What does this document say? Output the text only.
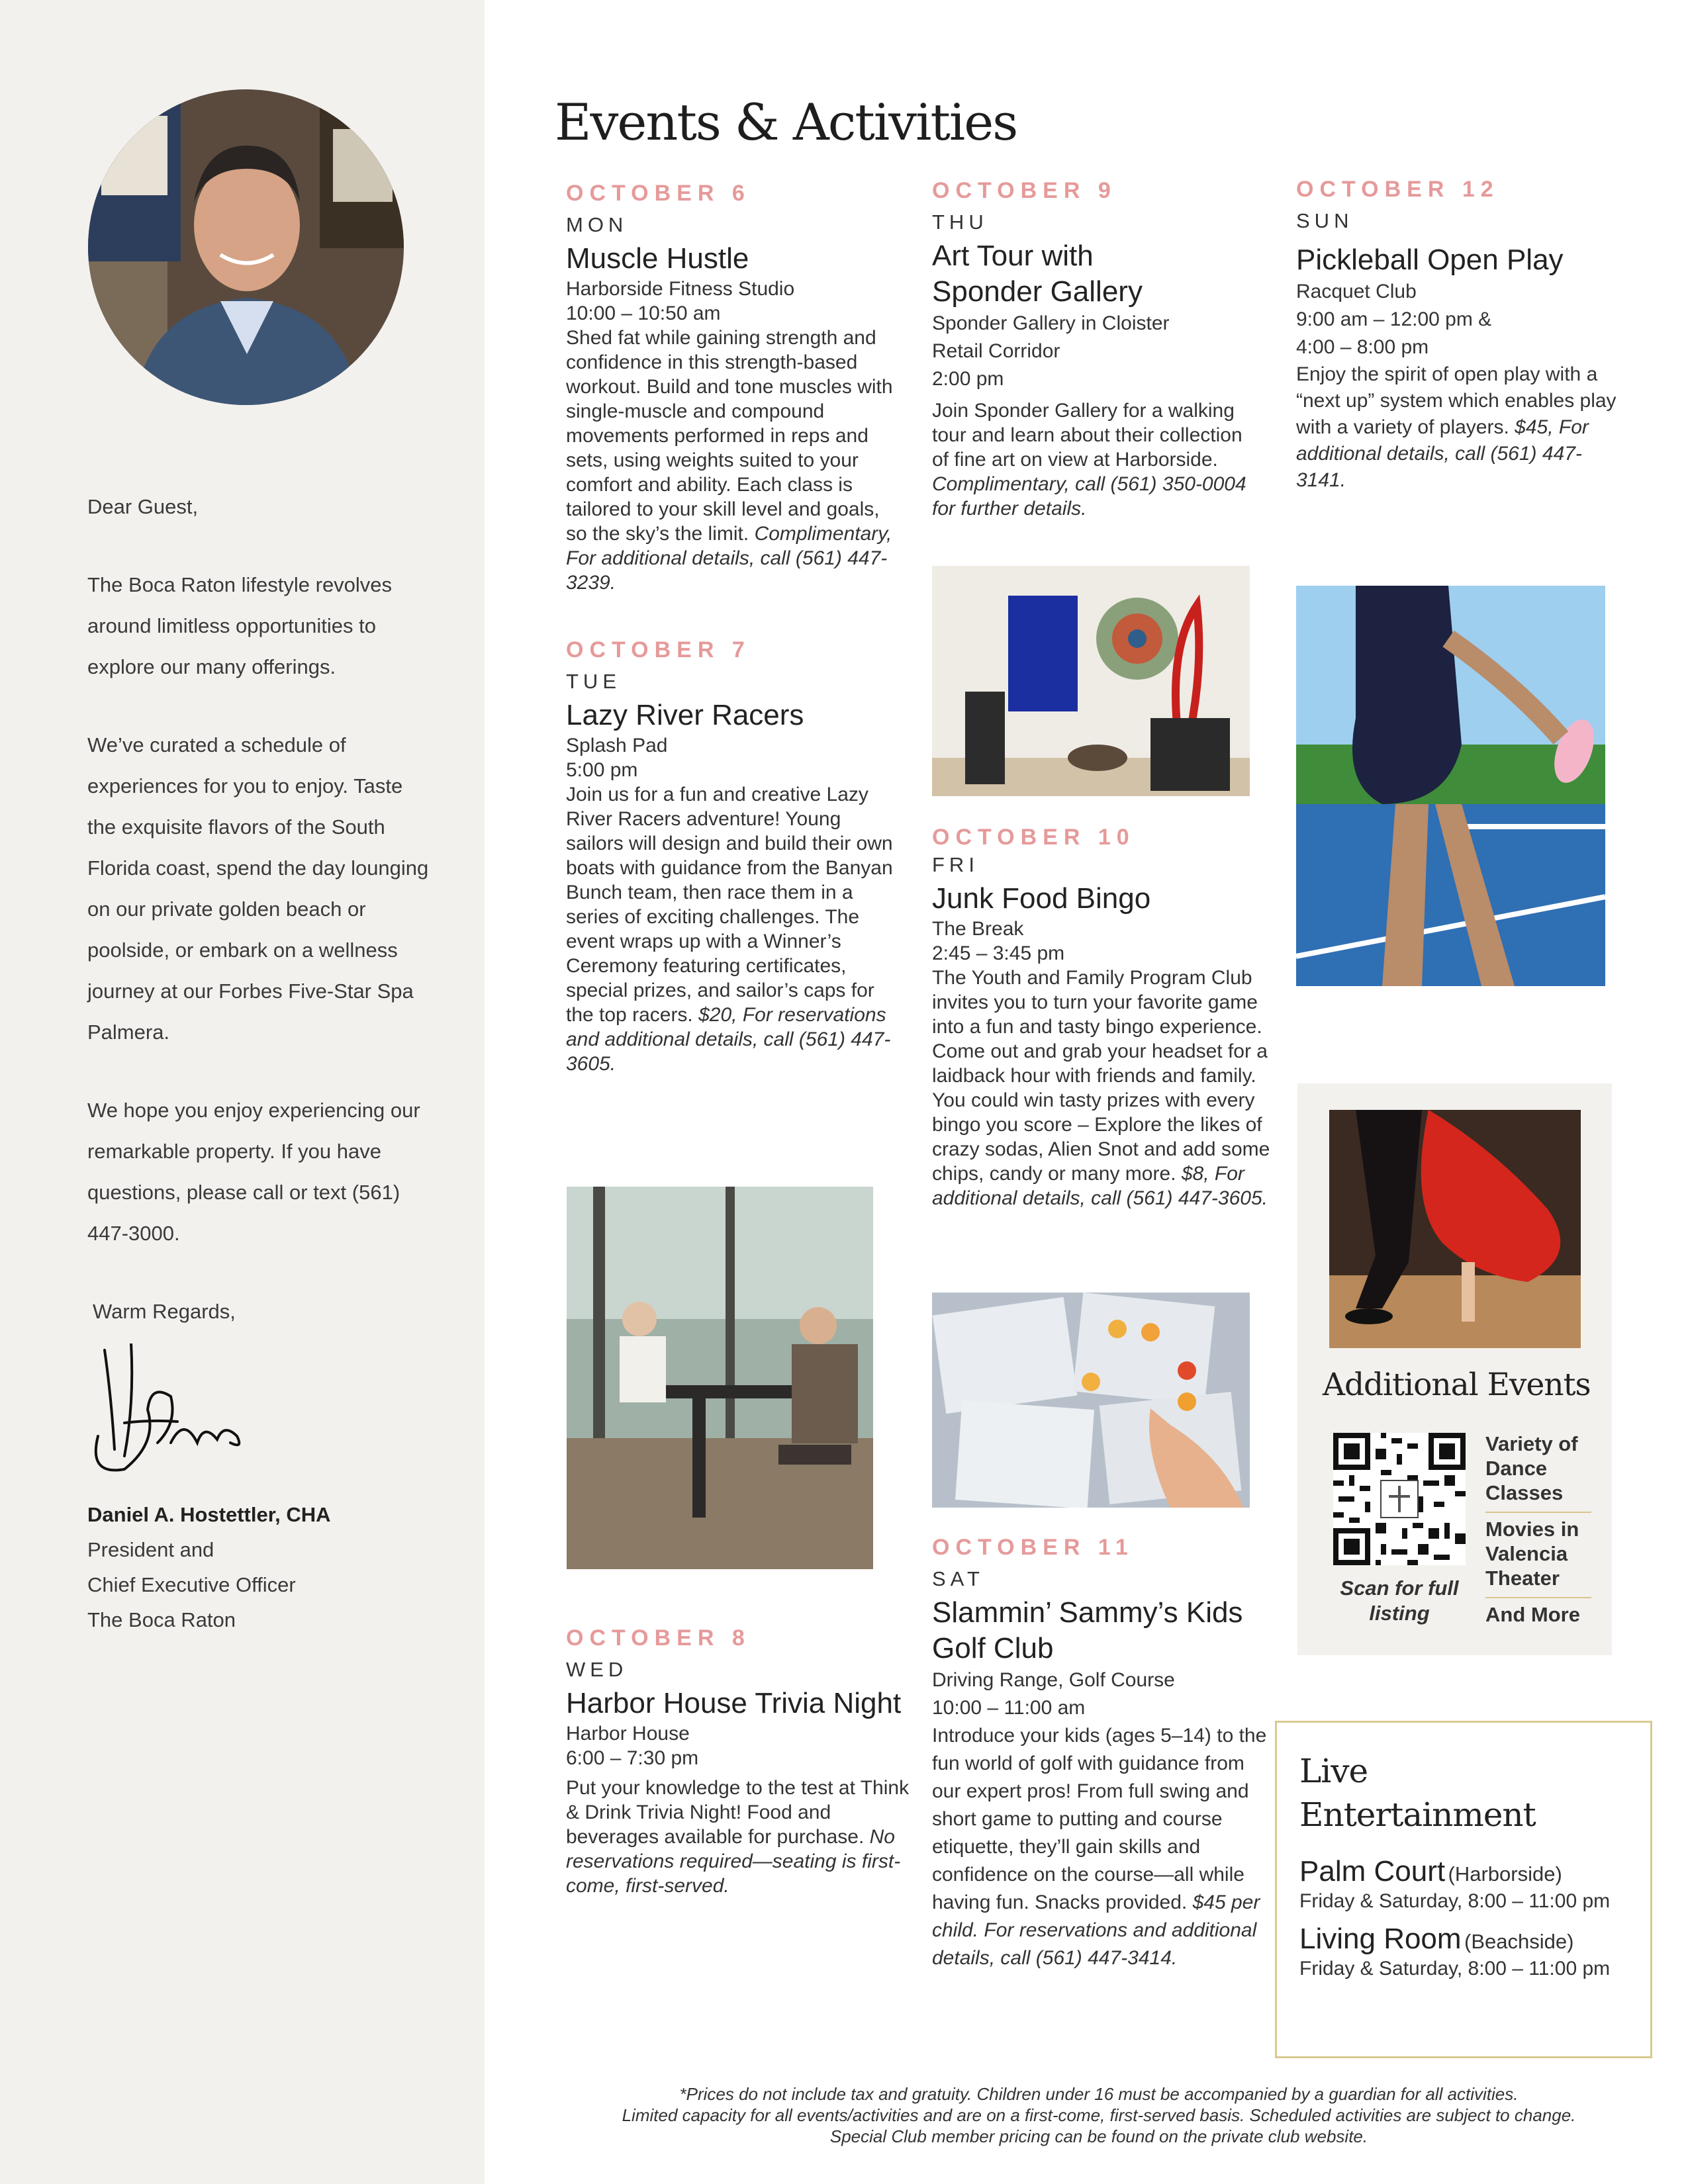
Dear Guest,

The Boca Raton lifestyle revolves around limitless opportunities to explore our many offerings.

We’ve curated a schedule of experiences for you to enjoy. Taste the exquisite flavors of the South Florida coast, spend the day lounging on our private golden beach or poolside, or embark on a wellness journey at our Forbes Five-Star Spa Palmera.

We hope you enjoy experiencing our remarkable property. If you have questions, please call or text (561) 447-3000.

Warm Regards,

Daniel A. Hostettler, CHA
President and
Chief Executive Officer
The Boca Raton
Events & Activities
OCTOBER 6
MON
Muscle Hustle
Harborside Fitness Studio
10:00 – 10:50 am
Shed fat while gaining strength and confidence in this strength-based workout. Build and tone muscles with single-muscle and compound movements performed in reps and sets, using weights suited to your comfort and ability. Each class is tailored to your skill level and goals, so the sky’s the limit. Complimentary, For additional details, call (561) 447-3239.
OCTOBER 7
TUE
Lazy River Racers
Splash Pad
5:00 pm
Join us for a fun and creative Lazy River Racers adventure! Young sailors will design and build their own boats with guidance from the Banyan Bunch team, then race them in a series of exciting challenges. The event wraps up with a Winner’s Ceremony featuring certificates, special prizes, and sailor’s caps for the top racers. $20, For reservations and additional details, call (561) 447-3605.
OCTOBER 8
WED
Harbor House Trivia Night
Harbor House
6:00 – 7:30 pm
Put your knowledge to the test at Think & Drink Trivia Night! Food and beverages available for purchase. No reservations required—seating is first-come, first-served.
OCTOBER 9
THU
Art Tour with Sponder Gallery
Sponder Gallery in Cloister Retail Corridor
2:00 pm
Join Sponder Gallery for a walking tour and learn about their collection of fine art on view at Harborside. Complimentary, call (561) 350-0004 for further details.
OCTOBER 10
FRI
Junk Food Bingo
The Break
2:45 – 3:45 pm
The Youth and Family Program Club invites you to turn your favorite game into a fun and tasty bingo experience. Come out and grab your headset for a laidback hour with friends and family. You could win tasty prizes with every bingo you score – Explore the likes of crazy sodas, Alien Snot and add some chips, candy or many more. $8, For additional details, call (561) 447-3605.
OCTOBER 11
SAT
Slammin’ Sammy’s Kids Golf Club
Driving Range, Golf Course
10:00 – 11:00 am
Introduce your kids (ages 5–14) to the fun world of golf with guidance from our expert pros! From full swing and short game to putting and course etiquette, they’ll gain skills and confidence on the course—all while having fun. Snacks provided. $45 per child. For reservations and additional details, call (561) 447-3414.
OCTOBER 12
SUN
Pickleball Open Play
Racquet Club
9:00 am – 12:00 pm & 4:00 – 8:00 pm
Enjoy the spirit of open play with a “next up” system which enables play with a variety of players. $45, For additional details, call (561) 447-3141.
Additional Events
Scan for full listing
Variety of Dance Classes
Movies in Valencia Theater
And More
Live Entertainment
Palm Court (Harborside)
Friday & Saturday, 8:00 – 11:00 pm
Living Room (Beachside)
Friday & Saturday, 8:00 – 11:00 pm
*Prices do not include tax and gratuity. Children under 16 must be accompanied by a guardian for all activities.
Limited capacity for all events/activities and are on a first-come, first-served basis. Scheduled activities are subject to change.
Special Club member pricing can be found on the private club website.
